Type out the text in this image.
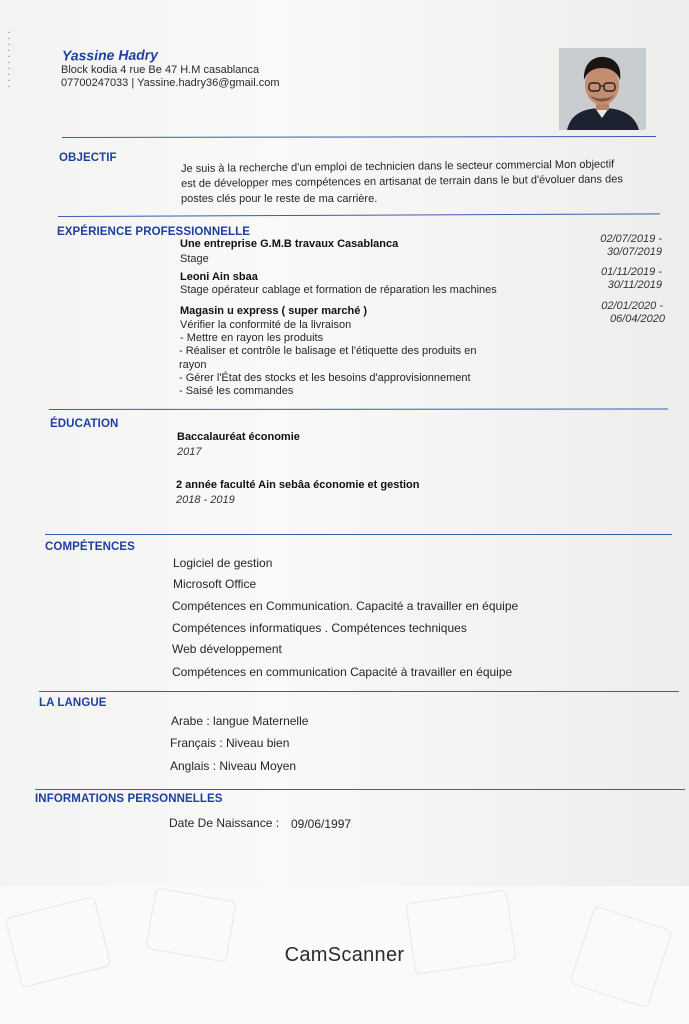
▪
▪
▪
▪
▪
▪
▪
▪
▪
▪
Yassine Hadry
Block kodia 4 rue Be 47 H.M casablanca
07700247033 | Yassine.hadry36@gmail.com
OBJECTIF
Je suis à la recherche d'un emploi de technicien dans le secteur commercial Mon objectif
est de développer mes compétences en artisanat de terrain dans le but d'évoluer dans des
postes clés pour le reste de ma carrière.
EXPÉRIENCE PROFESSIONNELLE
Une entreprise G.M.B travaux Casablanca
Stage
02/07/2019 -
30/07/2019
Leoni Ain sbaa
Stage opérateur cablage et formation de réparation les machines
01/11/2019 -
30/11/2019
Magasin u express ( super marché )
Vérifier la conformité de la livraison
- Mettre en rayon les produits
- Réaliser et contrôle le balisage et l'étiquette des produits en
rayon
- Gérer l'État des stocks et les besoins d'approvisionnement
- Saisé les commandes
02/01/2020 -
06/04/2020
ÉDUCATION
Baccalauréat économie
2017
2 année faculté Ain sebâa économie et gestion
2018 - 2019
COMPÉTENCES
Logiciel de gestion
Microsoft Office
Compétences en Communication. Capacité a travailler en équipe
Compétences informatiques . Compétences techniques
Web développement
Compétences en communication Capacité à travailler en équipe
LA LANGUE
Arabe : langue Maternelle
Français : Niveau bien
Anglais : Niveau Moyen
INFORMATIONS PERSONNELLES
Date De Naissance : 09/06/1997
CamScanner
